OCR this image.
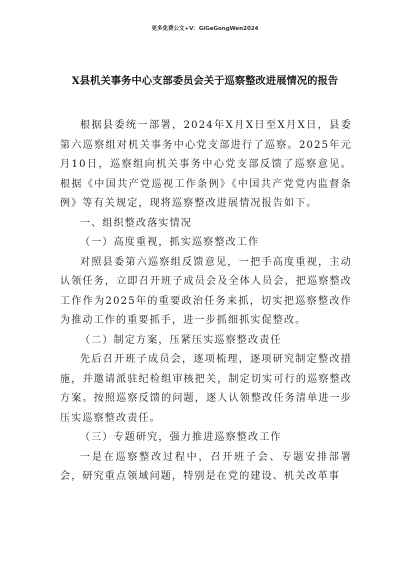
更多免费公文+V：GiGeGongWen2024
X县机关事务中心支部委员会关于巡察整改进展情况的报告

根据县委统一部署，2024年X月X日至X月X日，县委第六巡察组对机关事务中心党支部进行了巡察。2025年元月10日，巡察组向机关事务中心党支部反馈了巡察意见。根据《中国共产党巡视工作条例》《中国共产党党内监督条例》等有关规定，现将巡察整改进展情况报告如下。

一、组织整改落实情况

（一）高度重视，抓实巡察整改工作

对照县委第六巡察组反馈意见，一把手高度重视，主动认领任务，立即召开班子成员会及全体人员会，把巡察整改工作作为2025年的重要政治任务来抓，切实把巡察整改作为推动工作的重要抓手，进一步抓细抓实促整改。

（二）制定方案，压紧压实巡察整改责任

先后召开班子成员会，逐项梳理，逐项研究制定整改措施，并邀请派驻纪检组审核把关，制定切实可行的巡察整改方案。按照巡察反馈的问题，逐人认领整改任务清单进一步压实巡察整改责任。

（三）专题研究，强力推进巡察整改工作

一是在巡察整改过程中，召开班子会、专题安排部署会，研究重点领域问题，特别是在党的建设、机关改革事
